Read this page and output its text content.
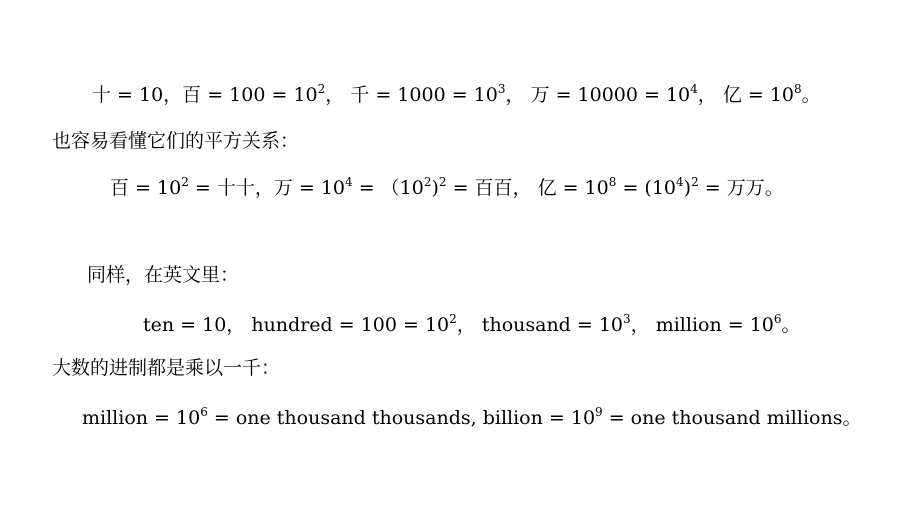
十 = 10，百 = $100 = 10^2$， 千 = $1000 = 10^3$， 万 = $10000 = 10^4$， 亿 = $10^8$。
也容易看懂它们的平方关系：
百 = $10^2$ = 十十，万 = $10^4 = (10^2)^2$ = 百百， 亿 = $10^8 = (10^4)^2$ = 万万。
同样，在英文里：
ten = 10， hundred = $100 = 10^2$， thousand = $10^3$， million = $10^6$。
大数的进制都是乘以一千：
million = $10^6$ = one thousand thousands, billion = $10^9$ = one thousand millions。
